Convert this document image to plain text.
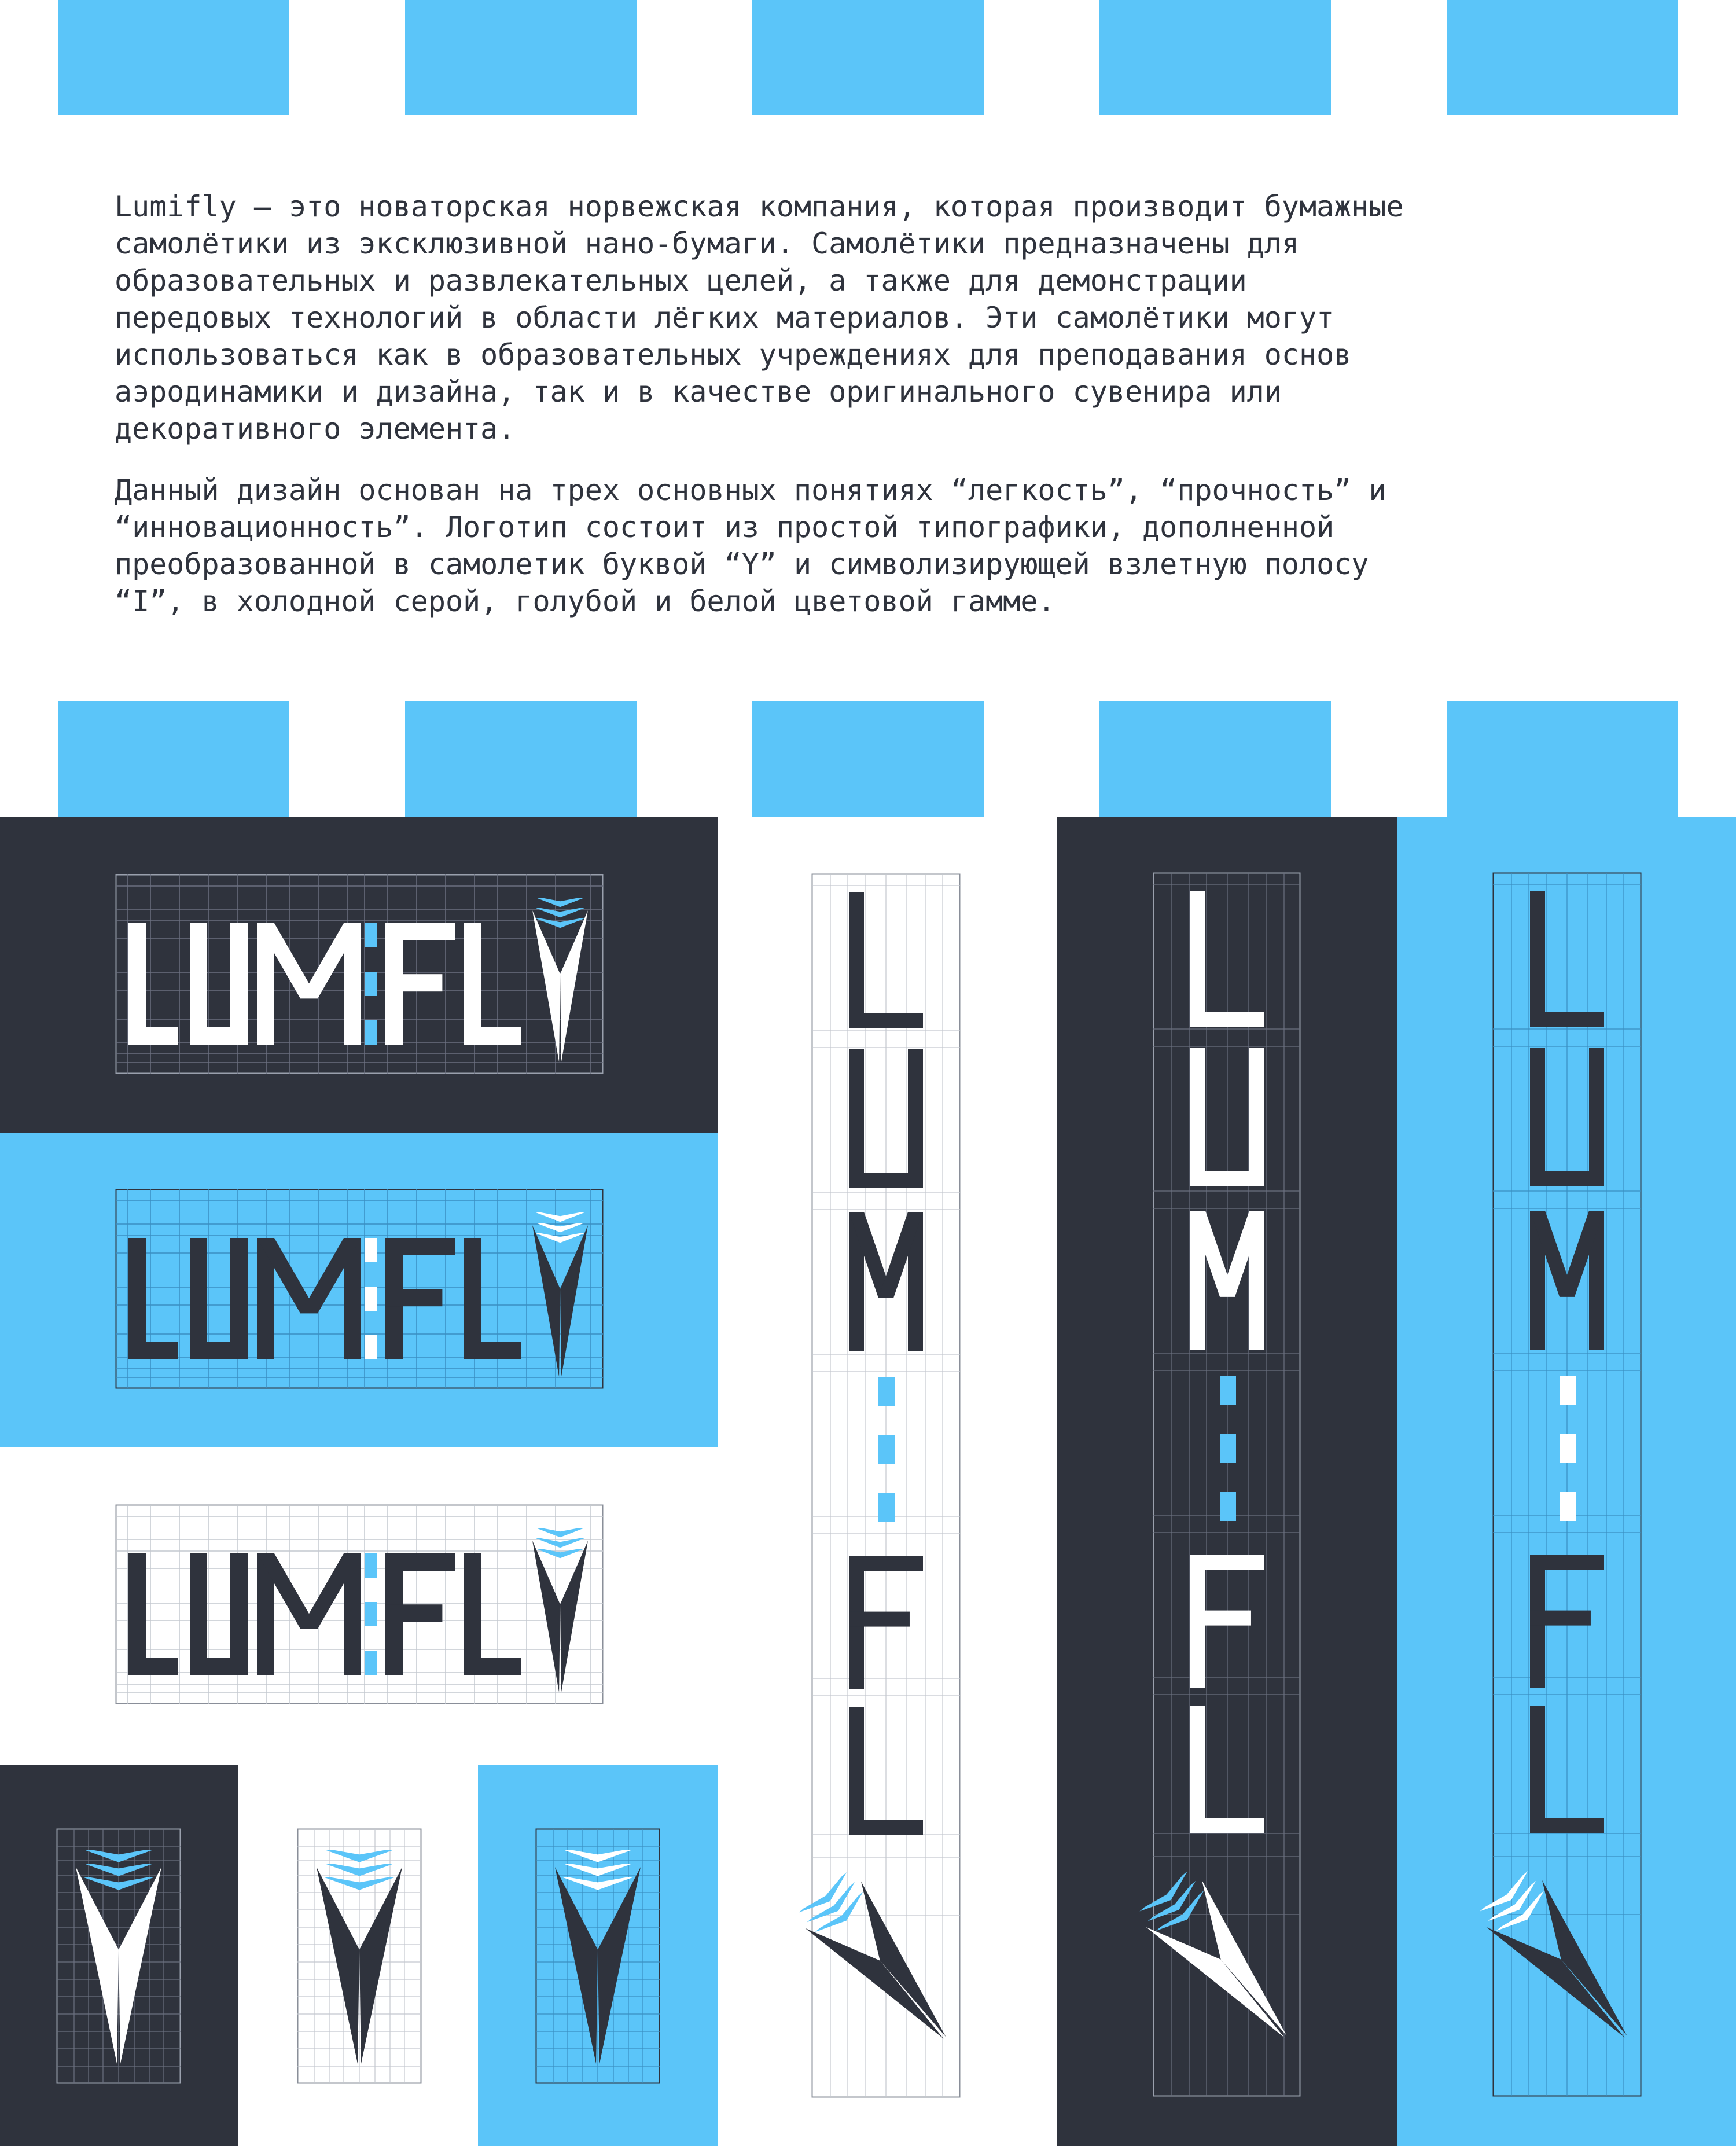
Lumifly — это новаторская норвежская компания, которая производит бумажные
самолётики из эксклюзивной нано-бумаги. Самолётики предназначены для
образовательных и развлекательных целей, а также для демонстрации
передовых технологий в области лёгких материалов. Эти самолётики могут
использоваться как в образовательных учреждениях для преподавания основ
аэродинамики и дизайна, так и в качестве оригинального сувенира или
декоративного элемента.

Данный дизайн основан на трех основных понятиях “легкость”, “прочность” и
“инновационность”. Логотип состоит из простой типографики, дополненной
преобразованной в самолетик буквой “Y” и символизирующей взлетную полосу
“I”, в холодной серой, голубой и белой цветовой гамме.
